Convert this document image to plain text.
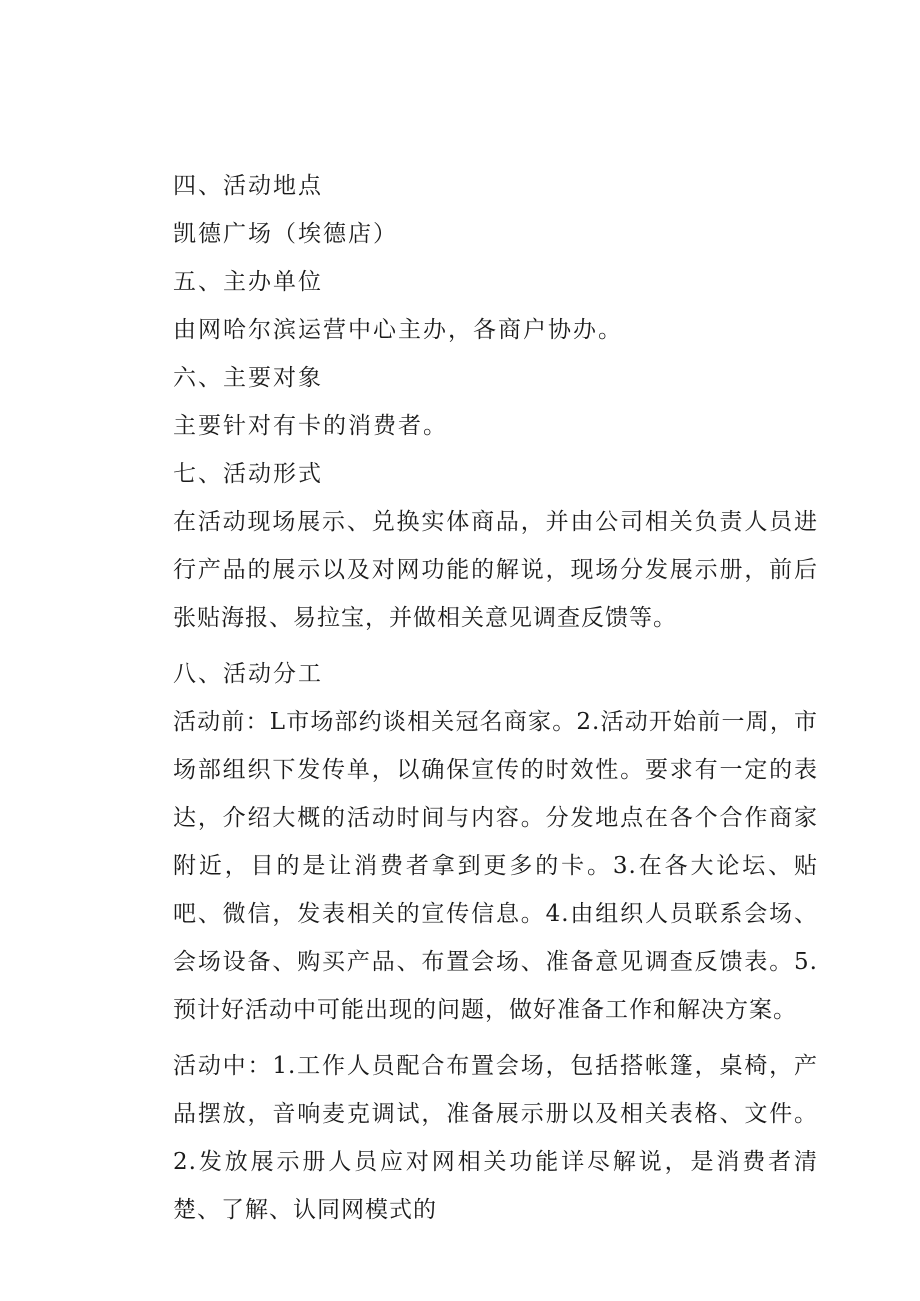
四、活动地点
凯德广场（埃德店）
五、主办单位
由网哈尔滨运营中心主办，各商户协办。
六、主要对象
主要针对有卡的消费者。
七、活动形式
在活动现场展示、兑换实体商品，并由公司相关负责人员进行产品的展示以及对网功能的解说，现场分发展示册，前后张贴海报、易拉宝，并做相关意见调查反馈等。
八、活动分工
活动前：L市场部约谈相关冠名商家。2.活动开始前一周，市场部组织下发传单，以确保宣传的时效性。要求有一定的表达，介绍大概的活动时间与内容。分发地点在各个合作商家附近，目的是让消费者拿到更多的卡。3.在各大论坛、贴吧、微信，发表相关的宣传信息。4.由组织人员联系会场、会场设备、购买产品、布置会场、准备意见调查反馈表。5.预计好活动中可能出现的问题，做好准备工作和解决方案。
活动中：1.工作人员配合布置会场，包括搭帐篷，桌椅，产品摆放，音响麦克调试，准备展示册以及相关表格、文件。2.发放展示册人员应对网相关功能详尽解说，是消费者清楚、了解、认同网模式的
